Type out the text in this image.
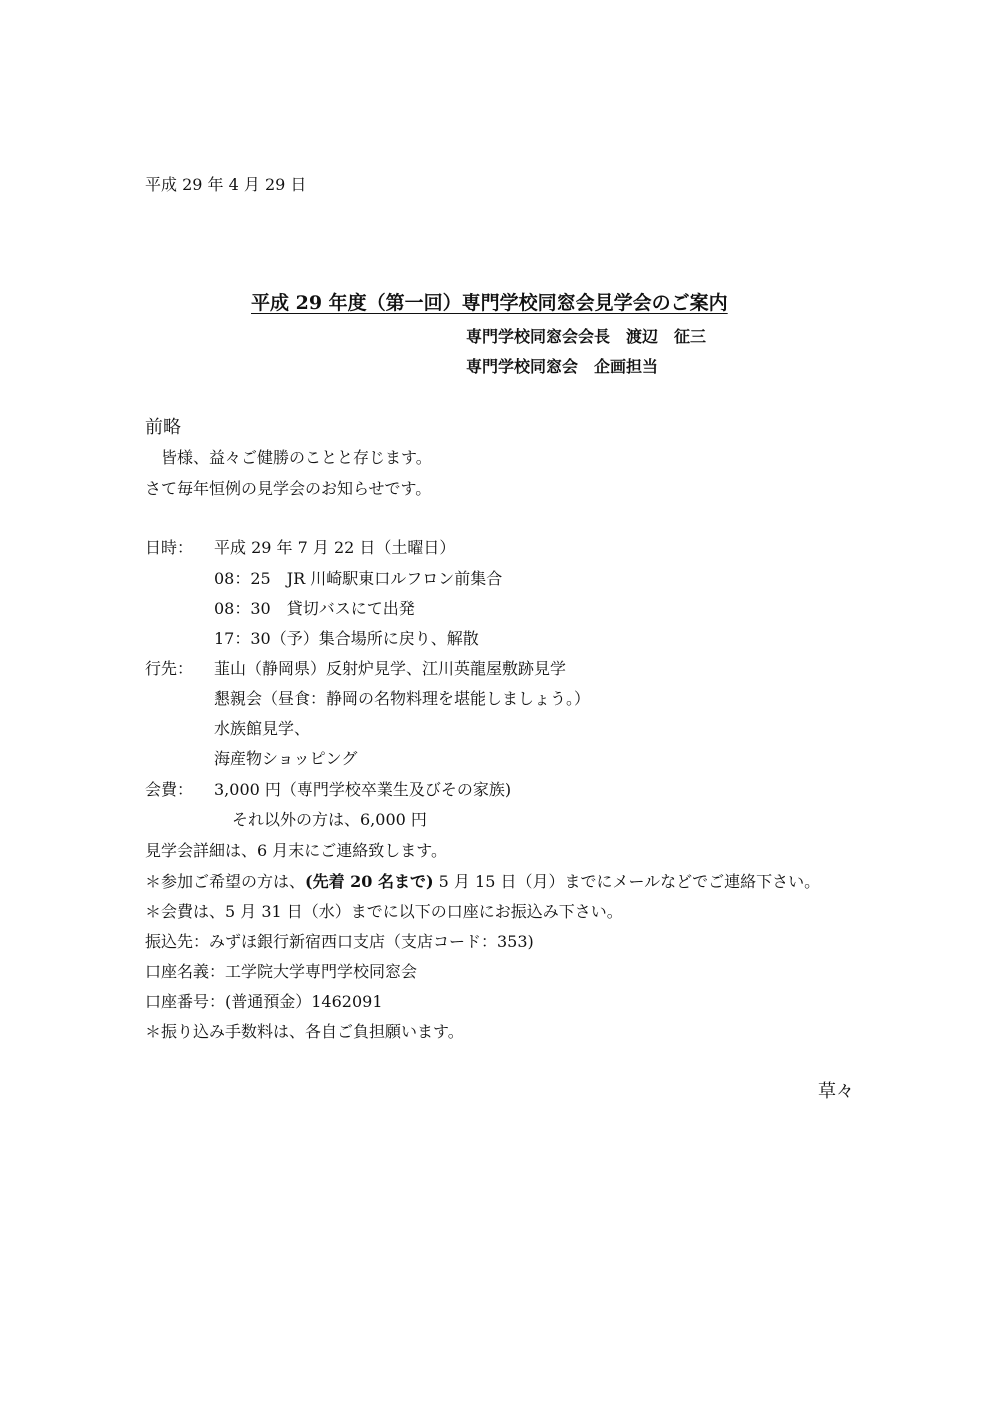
平成 29 年 4 月 29 日
平成 29 年度（第一回）専門学校同窓会見学会のご案内
専門学校同窓会会長　渡辺　征三
専門学校同窓会　企画担当
前略
　皆様、益々ご健勝のことと存じます。
さて毎年恒例の見学会のお知らせです。
日時： 平成 29 年 7 月 22 日（土曜日）
08：25　JR 川崎駅東口ルフロン前集合
08：30　貸切バスにて出発
17：30（予）集合場所に戻り、解散
行先： 韮山（静岡県）反射炉見学、江川英龍屋敷跡見学
懇親会（昼食：静岡の名物料理を堪能しましょう。）
水族館見学、
海産物ショッピング
会費： 3,000 円（専門学校卒業生及びその家族)
それ以外の方は、6,000 円
見学会詳細は、6 月末にご連絡致します。
＊参加ご希望の方は、(先着 20 名まで) 5 月 15 日（月）までにメールなどでご連絡下さい。
＊会費は、5 月 31 日（水）までに以下の口座にお振込み下さい。
振込先：みずほ銀行新宿西口支店（支店コード：353)
口座名義：工学院大学専門学校同窓会
口座番号：(普通預金）1462091
＊振り込み手数料は、各自ご負担願います。
草々
